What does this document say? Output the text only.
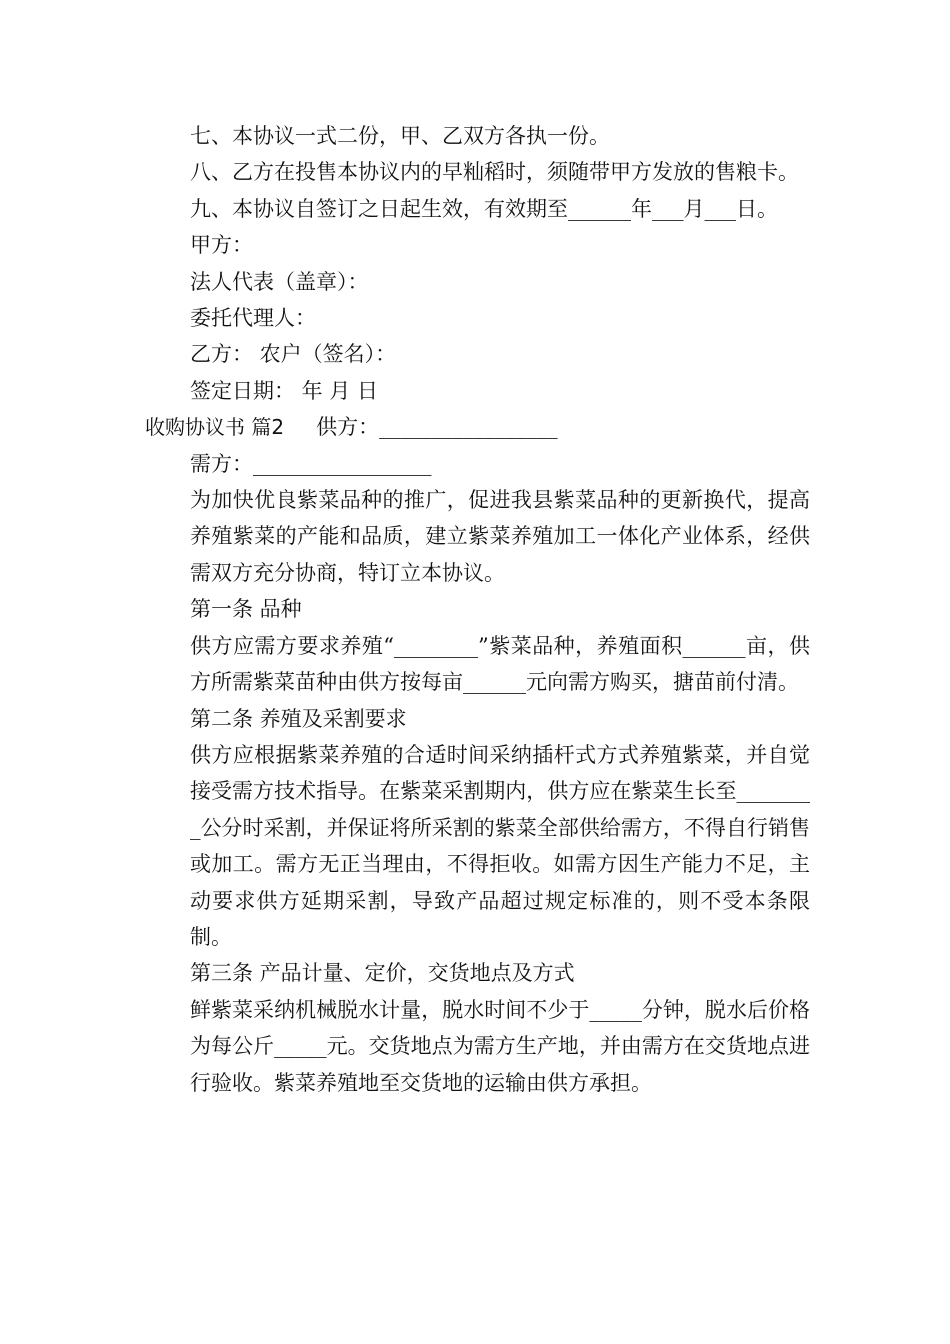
七、本协议一式二份，甲、乙双方各执一份。

八、乙方在投售本协议内的早籼稻时，须随带甲方发放的售粮卡。

九、本协议自签订之日起生效，有效期至______年___月___日。

甲方：

法人代表（盖章）：

委托代理人：

乙方： 农户（签名）：

签定日期： 年 月 日

收购协议书 篇2 供方：_________________

需方：_________________

为加快优良紫菜品种的推广，促进我县紫菜品种的更新换代，提高养殖紫菜的产能和品质，建立紫菜养殖加工一体化产业体系，经供需双方充分协商，特订立本协议。

第一条 品种

供方应需方要求养殖“________”紫菜品种，养殖面积______亩，供方所需紫菜苗种由供方按每亩______元向需方购买，搪苗前付清。

第二条 养殖及采割要求

供方应根据紫菜养殖的合适时间采纳插杆式方式养殖紫菜，并自觉接受需方技术指导。在紫菜采割期内，供方应在紫菜生长至________公分时采割，并保证将所采割的紫菜全部供给需方，不得自行销售或加工。需方无正当理由，不得拒收。如需方因生产能力不足，主动要求供方延期采割，导致产品超过规定标准的，则不受本条限制。

第三条 产品计量、定价，交货地点及方式

鲜紫菜采纳机械脱水计量，脱水时间不少于_____分钟，脱水后价格为每公斤_____元。交货地点为需方生产地，并由需方在交货地点进行验收。紫菜养殖地至交货地的运输由供方承担。
